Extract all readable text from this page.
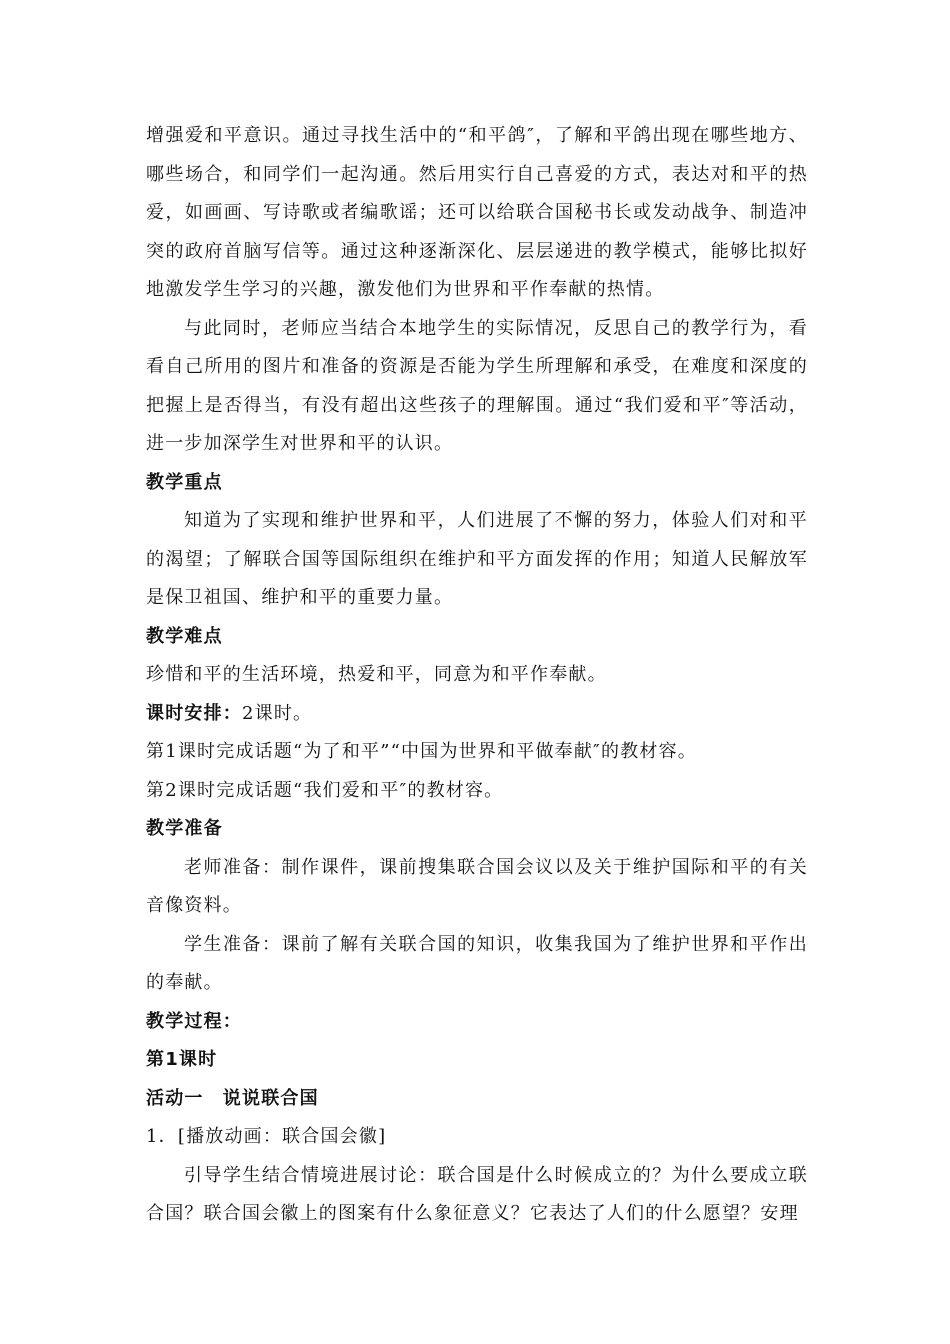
增强爱和平意识。通过寻找生活中的“和平鸽″，了解和平鸽出现在哪些地方、哪些场合，和同学们一起沟通。然后用实行自己喜爱的方式，表达对和平的热爱，如画画、写诗歌或者编歌谣；还可以给联合国秘书长或发动战争、制造冲突的政府首脑写信等。通过这种逐渐深化、层层递进的教学模式，能够比拟好地激发学生学习的兴趣，激发他们为世界和平作奉献的热情。

与此同时，老师应当结合本地学生的实际情况，反思自己的教学行为，看看自己所用的图片和准备的资源是否能为学生所理解和承受，在难度和深度的把握上是否得当，有没有超出这些孩子的理解围。通过“我们爱和平″等活动，进一步加深学生对世界和平的认识。

教学重点

知道为了实现和维护世界和平，人们进展了不懈的努力，体验人们对和平的渴望；了解联合国等国际组织在维护和平方面发挥的作用；知道人民解放军是保卫祖国、维护和平的重要力量。

教学难点

珍惜和平的生活环境，热爱和平，同意为和平作奉献。

课时安排：2课时。

第1课时完成话题“为了和平”“中国为世界和平做奉献″的教材容。

第2课时完成话题“我们爱和平″的教材容。

教学准备

老师准备：制作课件，课前搜集联合国会议以及关于维护国际和平的有关音像资料。

学生准备：课前了解有关联合国的知识，收集我国为了维护世界和平作出的奉献。

教学过程：

第1课时

活动一　说说联合国

1．[播放动画：联合国会徽]

引导学生结合情境进展讨论：联合国是什么时候成立的？为什么要成立联合国？联合国会徽上的图案有什么象征意义？它表达了人们的什么愿望？安理
